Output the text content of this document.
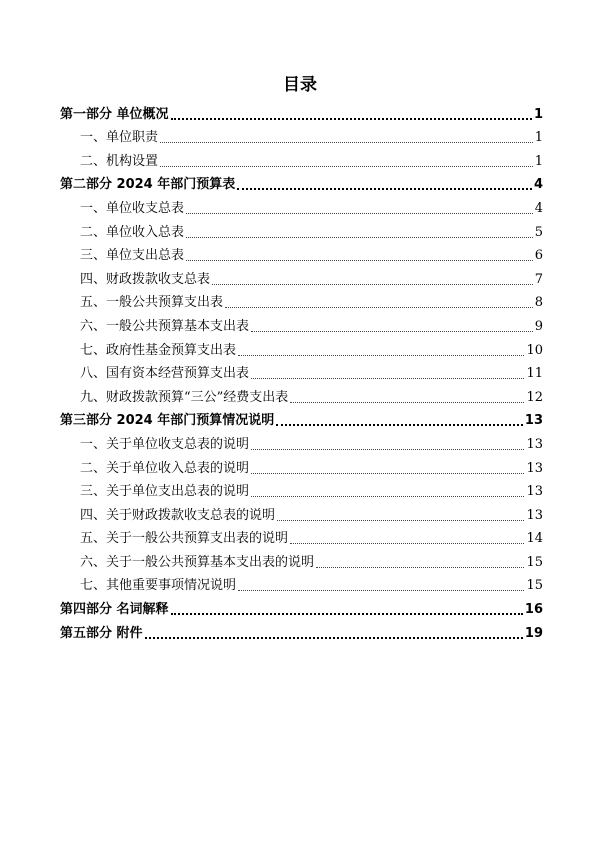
目录
第一部分 单位概况	1
一、单位职责	1
二、机构设置	1
第二部分 2024 年部门预算表	4
一、单位收支总表	4
二、单位收入总表	5
三、单位支出总表	6
四、财政拨款收支总表	7
五、一般公共预算支出表	8
六、一般公共预算基本支出表	9
七、政府性基金预算支出表	10
八、国有资本经营预算支出表	11
九、财政拨款预算“三公”经费支出表	12
第三部分 2024 年部门预算情况说明	13
一、关于单位收支总表的说明	13
二、关于单位收入总表的说明	13
三、关于单位支出总表的说明	13
四、关于财政拨款收支总表的说明	13
五、关于一般公共预算支出表的说明	14
六、关于一般公共预算基本支出表的说明	15
七、其他重要事项情况说明	15
第四部分 名词解释	16
第五部分 附件	19
